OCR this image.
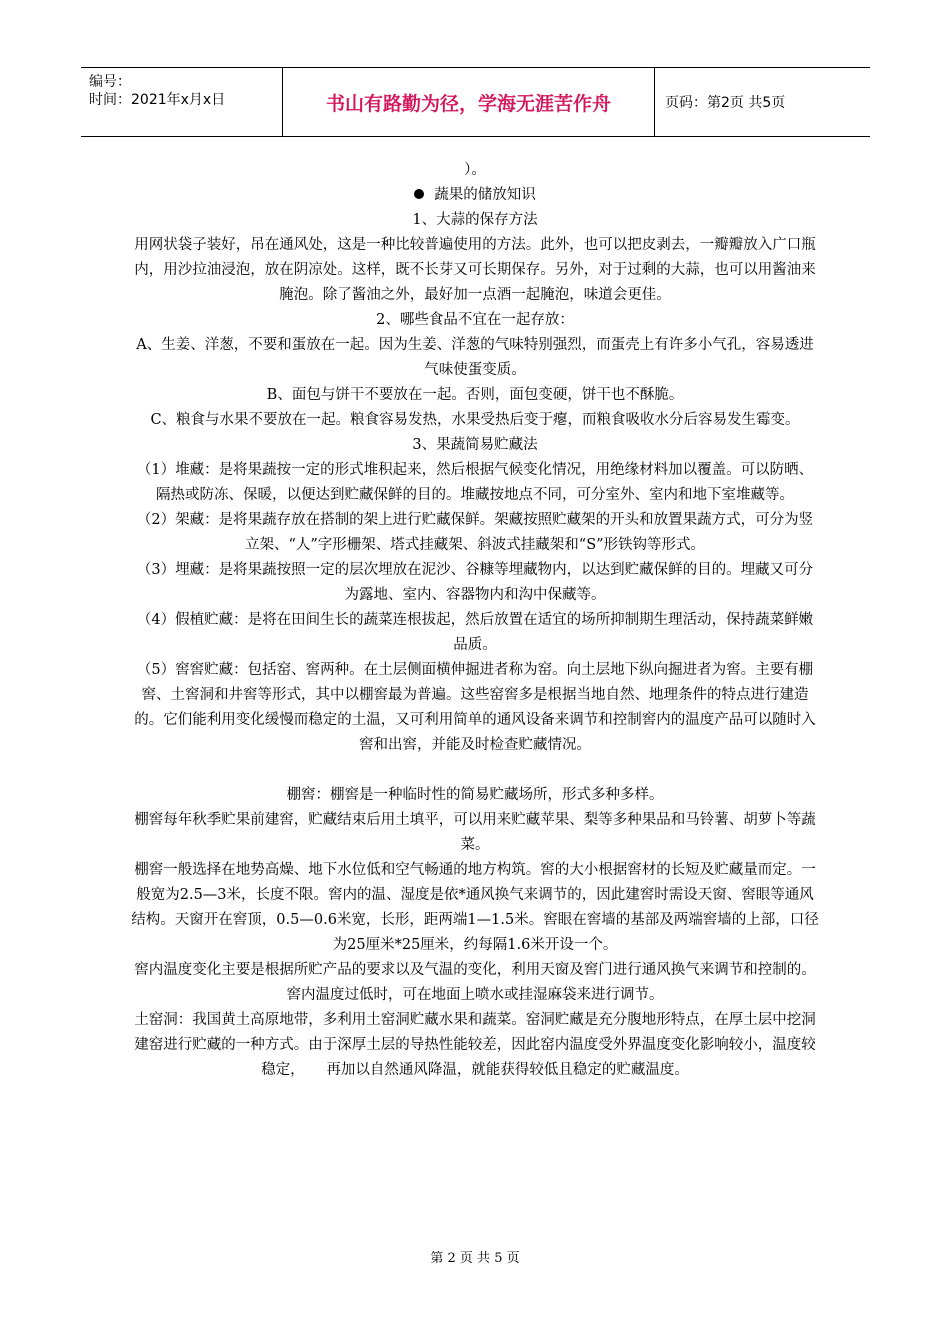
编号：
时间：2021年x月x日	书山有路勤为径，学海无涯苦作舟	页码：第2页 共5页

）。

蔬果的储放知识

1、大蒜的保存方法

用网状袋子装好，吊在通风处，这是一种比较普遍使用的方法。此外，也可以把皮剥去，一瓣瓣放入广口瓶内，用沙拉油浸泡，放在阴凉处。这样，既不长芽又可长期保存。另外，对于过剩的大蒜，也可以用酱油来腌泡。除了酱油之外，最好加一点酒一起腌泡，味道会更佳。

2、哪些食品不宜在一起存放：

A、生姜、洋葱，不要和蛋放在一起。因为生姜、洋葱的气味特别强烈，而蛋壳上有许多小气孔，容易透进气味使蛋变质。

B、面包与饼干不要放在一起。否则，面包变硬，饼干也不酥脆。

C、粮食与水果不要放在一起。粮食容易发热，水果受热后变于瘪，而粮食吸收水分后容易发生霉变。

3、果蔬简易贮藏法

（1）堆藏：是将果蔬按一定的形式堆积起来，然后根据气候变化情况，用绝缘材料加以覆盖。可以防晒、隔热或防冻、保暖，以便达到贮藏保鲜的目的。堆藏按地点不同，可分室外、室内和地下室堆藏等。

（2）架藏：是将果蔬存放在搭制的架上进行贮藏保鲜。架藏按照贮藏架的开头和放置果蔬方式，可分为竖立架、“人”字形栅架、塔式挂藏架、斜波式挂藏架和“S”形铁钩等形式。

（3）埋藏：是将果蔬按照一定的层次埋放在泥沙、谷糠等埋藏物内，以达到贮藏保鲜的目的。埋藏又可分为露地、室内、容器物内和沟中保藏等。

（4）假植贮藏：是将在田间生长的蔬菜连根拔起，然后放置在适宜的场所抑制期生理活动，保持蔬菜鲜嫩品质。

（5）窖窖贮藏：包括窑、窖两种。在土层侧面横伸掘进者称为窑。向土层地下纵向掘进者为窖。主要有棚窖、土窖洞和井窖等形式，其中以棚窖最为普遍。这些窑窖多是根据当地自然、地理条件的特点进行建造的。它们能利用变化缓慢而稳定的土温，又可利用简单的通风设备来调节和控制窖内的温度产品可以随时入窖和出窖，并能及时检查贮藏情况。

棚窖：棚窖是一种临时性的简易贮藏场所，形式多种多样。

棚窖每年秋季贮果前建窖，贮藏结束后用土填平，可以用来贮藏苹果、梨等多种果品和马铃薯、胡萝卜等蔬菜。

棚窖一般选择在地势高燥、地下水位低和空气畅通的地方构筑。窖的大小根据窖材的长短及贮藏量而定。一般宽为2.5—3米，长度不限。窖内的温、湿度是依*通风换气来调节的，因此建窖时需设天窗、窖眼等通风结构。天窗开在窖顶，0.5—0.6米宽，长形，距两端1—1.5米。窖眼在窖墙的基部及两端窖墙的上部，口径为25厘米*25厘米，约每隔1.6米开设一个。

窖内温度变化主要是根据所贮产品的要求以及气温的变化，利用天窗及窖门进行通风换气来调节和控制的。窖内温度过低时，可在地面上喷水或挂湿麻袋来进行调节。

土窑洞：我国黄土高原地带，多利用土窑洞贮藏水果和蔬菜。窑洞贮藏是充分腹地形特点，在厚土层中挖洞建窑进行贮藏的一种方式。由于深厚土层的导热性能较差，因此窑内温度受外界温度变化影响较小，温度较稳定，　　再加以自然通风降温，就能获得较低且稳定的贮藏温度。

第 2 页 共 5 页
